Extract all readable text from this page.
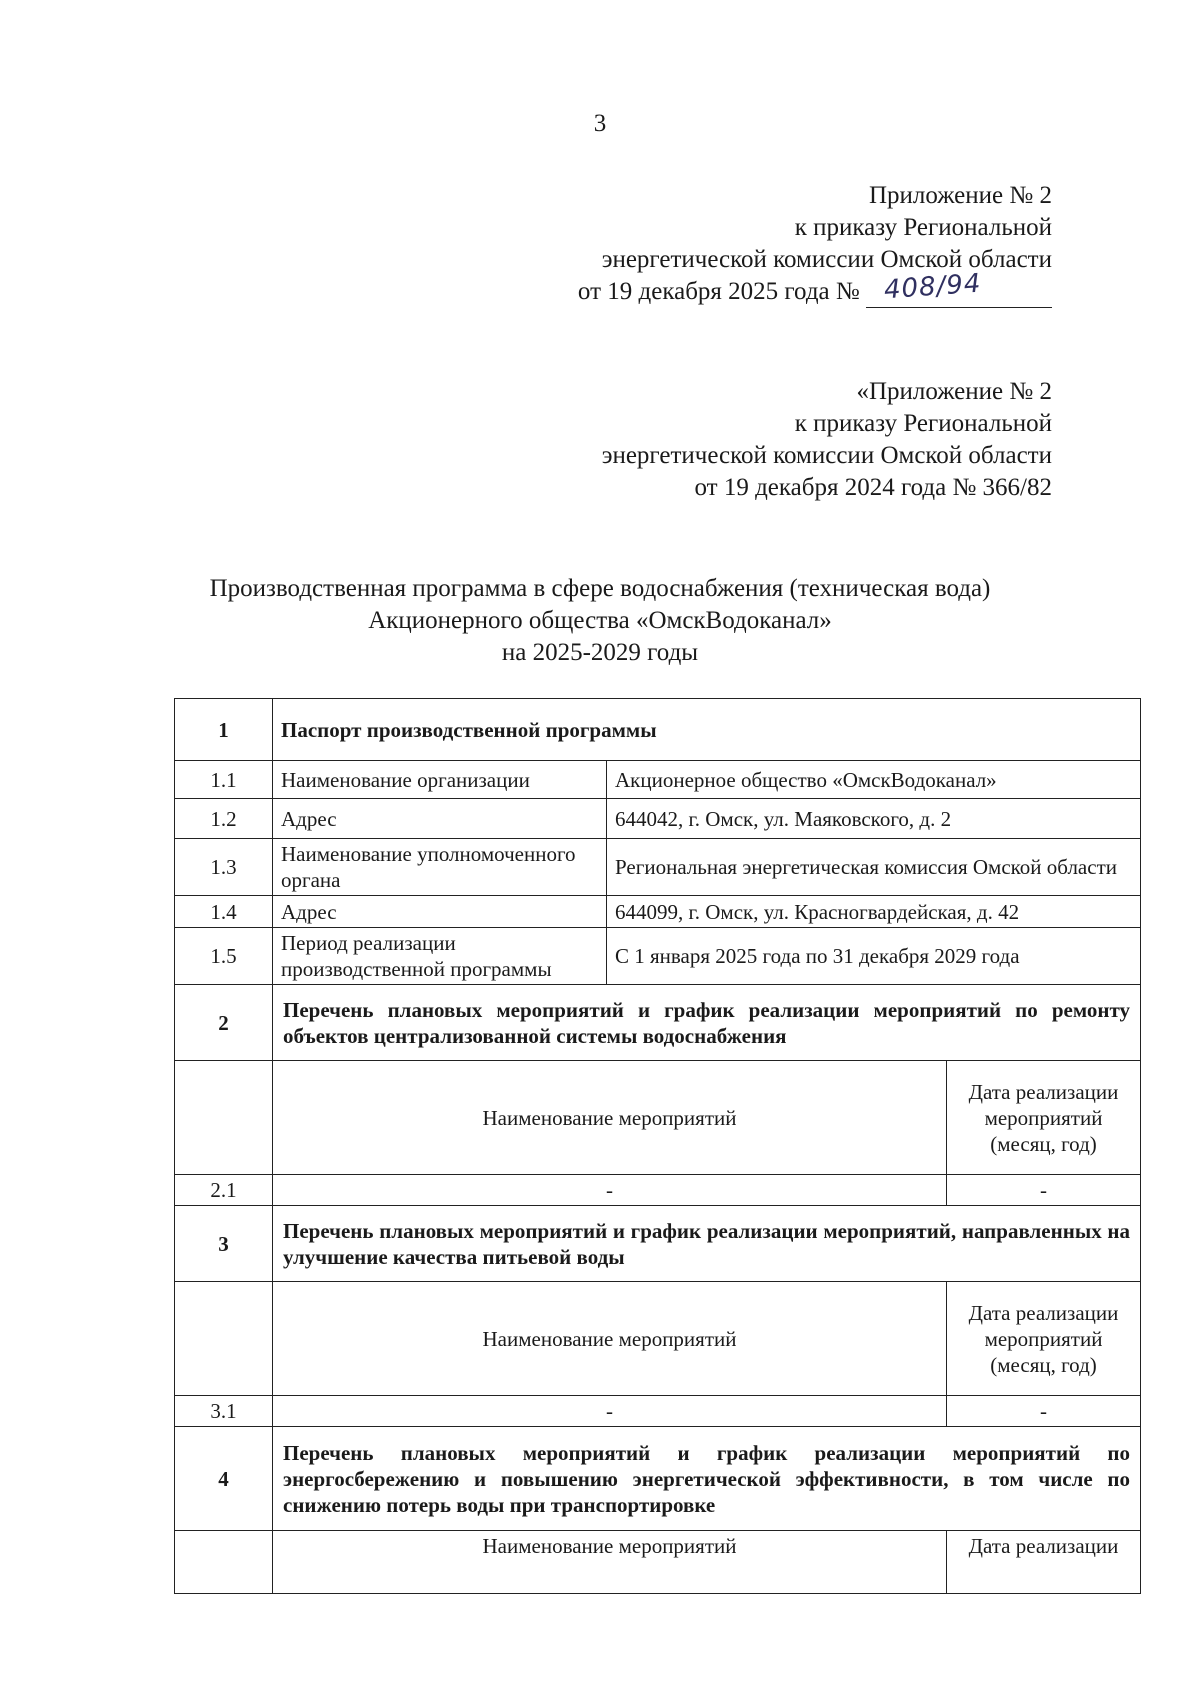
3
Приложение № 2
к приказу Региональной
энергетической комиссии Омской области
от 19 декабря 2025 года № 408/94
«Приложение № 2
к приказу Региональной
энергетической комиссии Омской области
от 19 декабря 2024 года № 366/82
Производственная программа в сфере водоснабжения (техническая вода)
Акционерного общества «ОмскВодоканал»
на 2025-2029 годы
1	Паспорт производственной программы		
1.1	Наименование организации	Акционерное общество «ОмскВодоканал»	
1.2	Адрес	644042, г. Омск, ул. Маяковского, д. 2	
1.3	Наименование уполномоченного органа	Региональная энергетическая комиссия Омской области	
1.4	Адрес	644099, г. Омск, ул. Красногвардейская, д. 42	
1.5	Период реализации производственной программы	С 1 января 2025 года по 31 декабря 2029 года	
2	Перечень плановых мероприятий и график реализации мероприятий по ремонту объектов централизованной системы водоснабжения		
	Наименование мероприятий		Дата реализации мероприятий (месяц, год)
2.1	-		-
3	Перечень плановых мероприятий и график реализации мероприятий, направленных на улучшение качества питьевой воды		
	Наименование мероприятий		Дата реализации мероприятий (месяц, год)
3.1	-		-
4	Перечень плановых мероприятий и график реализации мероприятий по энергосбережению и повышению энергетической эффективности, в том числе по снижению потерь воды при транспортировке		
	Наименование мероприятий		Дата реализации
